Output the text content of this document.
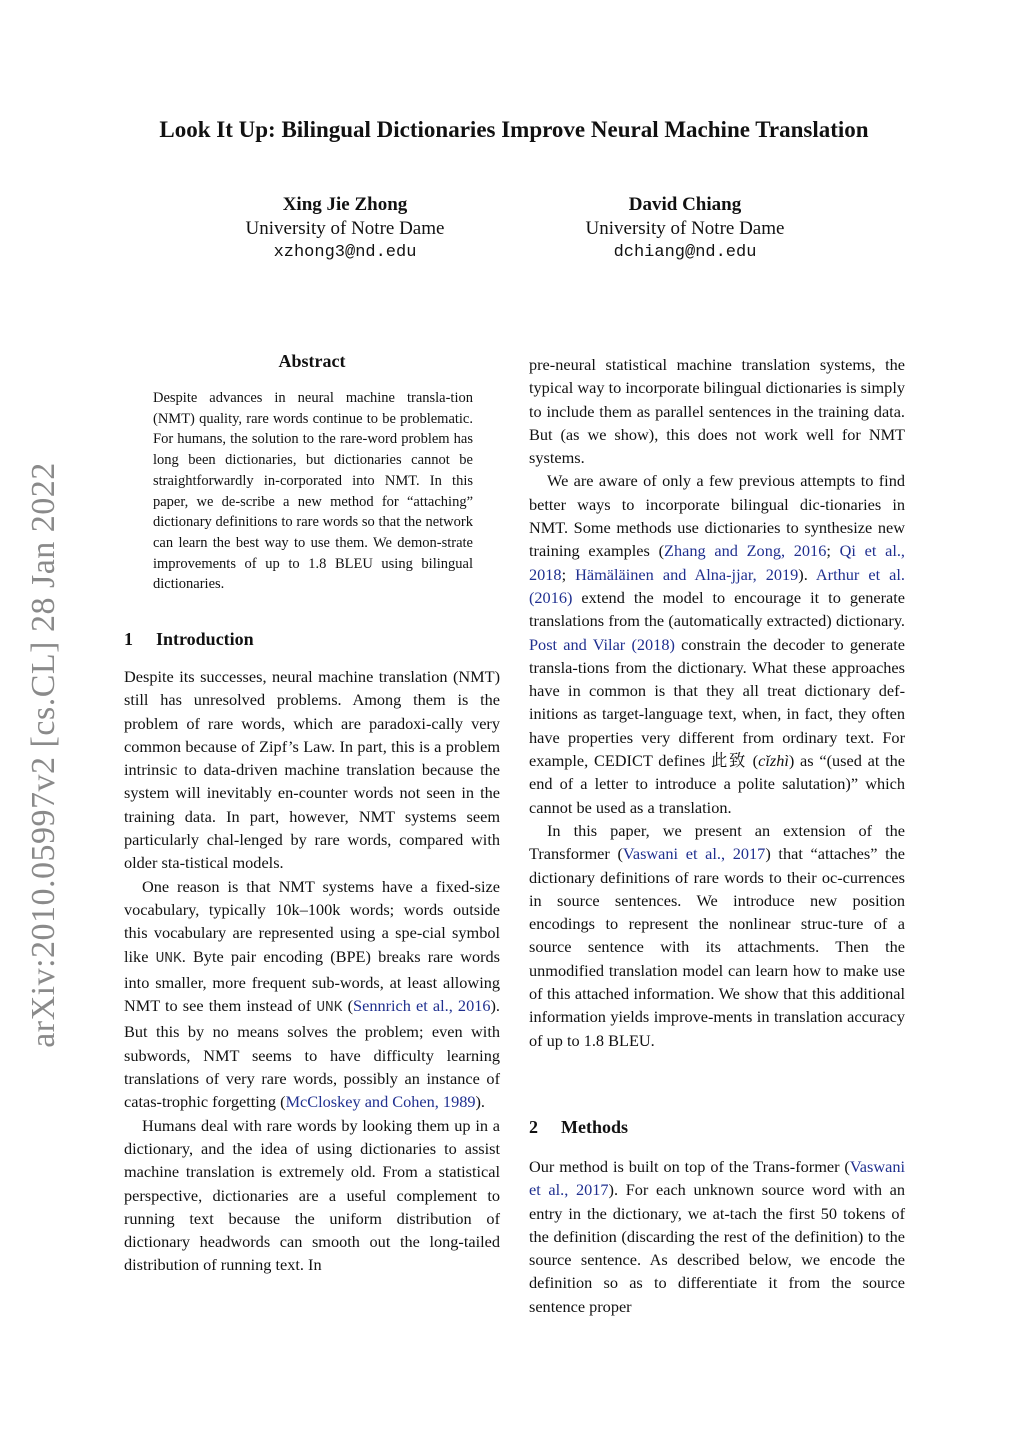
arXiv:2010.05997v2 [cs.CL] 28 Jan 2022
Look It Up: Bilingual Dictionaries Improve Neural Machine Translation
Xing Jie Zhong
University of Notre Dame
xzhong3@nd.edu
David Chiang
University of Notre Dame
dchiang@nd.edu
Abstract

Despite advances in neural machine transla-tion (NMT) quality, rare words continue to be problematic. For humans, the solution to the rare-word problem has long been dictionaries, but dictionaries cannot be straightforwardly in-corporated into NMT. In this paper, we de-scribe a new method for “attaching” dictionary definitions to rare words so that the network can learn the best way to use them. We demon-strate improvements of up to 1.8 BLEU using bilingual dictionaries.

1 Introduction

Despite its successes, neural machine translation (NMT) still has unresolved problems. Among them is the problem of rare words, which are paradoxi-cally very common because of Zipf’s Law. In part, this is a problem intrinsic to data-driven machine translation because the system will inevitably en-counter words not seen in the training data. In part, however, NMT systems seem particularly chal-lenged by rare words, compared with older sta-tistical models.

One reason is that NMT systems have a fixed-size vocabulary, typically 10k–100k words; words outside this vocabulary are represented using a spe-cial symbol like UNK. Byte pair encoding (BPE) breaks rare words into smaller, more frequent sub-words, at least allowing NMT to see them instead of UNK (Sennrich et al., 2016). But this by no means solves the problem; even with subwords, NMT seems to have difficulty learning translations of very rare words, possibly an instance of catas-trophic forgetting (McCloskey and Cohen, 1989).

Humans deal with rare words by looking them up in a dictionary, and the idea of using dictionaries to assist machine translation is extremely old. From a statistical perspective, dictionaries are a useful complement to running text because the uniform distribution of dictionary headwords can smooth out the long-tailed distribution of running text. In

pre-neural statistical machine translation systems, the typical way to incorporate bilingual dictionaries is simply to include them as parallel sentences in the training data. But (as we show), this does not work well for NMT systems.

We are aware of only a few previous attempts to find better ways to incorporate bilingual dic-tionaries in NMT. Some methods use dictionaries to synthesize new training examples (Zhang and Zong, 2016; Qi et al., 2018; Hämäläinen and Alna-jjar, 2019). Arthur et al. (2016) extend the model to encourage it to generate translations from the (automatically extracted) dictionary. Post and Vilar (2018) constrain the decoder to generate transla-tions from the dictionary. What these approaches have in common is that they all treat dictionary def-initions as target-language text, when, in fact, they often have properties very different from ordinary text. For example, CEDICT defines 此致 (cǐzhì) as “(used at the end of a letter to introduce a polite salutation)” which cannot be used as a translation.

In this paper, we present an extension of the Transformer (Vaswani et al., 2017) that “attaches” the dictionary definitions of rare words to their oc-currences in source sentences. We introduce new position encodings to represent the nonlinear struc-ture of a source sentence with its attachments. Then the unmodified translation model can learn how to make use of this attached information. We show that this additional information yields improve-ments in translation accuracy of up to 1.8 BLEU.

2 Methods

Our method is built on top of the Trans-former (Vaswani et al., 2017). For each unknown source word with an entry in the dictionary, we at-tach the first 50 tokens of the definition (discarding the rest of the definition) to the source sentence. As described below, we encode the definition so as to differentiate it from the source sentence proper
